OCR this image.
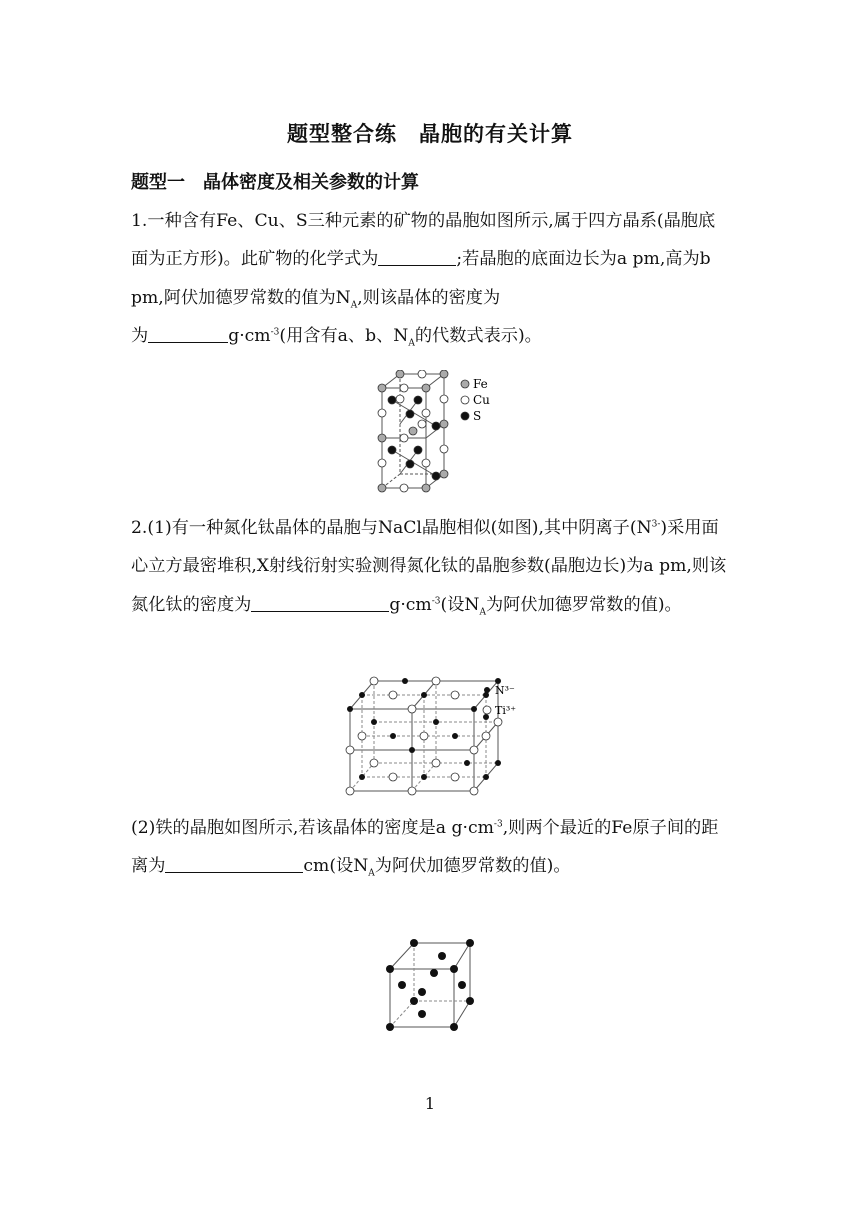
题型整合练　晶胞的有关计算
题型一　晶体密度及相关参数的计算

1.一种含有Fe、Cu、S三种元素的矿物的晶胞如图所示,属于四方晶系(晶胞底面为正方形)。此矿物的化学式为	;若晶胞的底面边长为a pm,高为b pm,阿伏加德罗常数的值为$N_A$,则该晶体的密度为
为	$g\cdot cm^{-3}$(用含有a、b、$N_A$的代数式表示)。

Fe
Cu
S

2.(1)有一种氮化钛晶体的晶胞与NaCl晶胞相似(如图),其中阴离子$(N^{3-})$采用面心立方最密堆积,X射线衍射实验测得氮化钛的晶胞参数(晶胞边长)为a pm,则该氮化钛的密度为	$g\cdot cm^{-3}$(设$N_A$为阿伏加德罗常数的值)。

N³⁻
Ti³⁺

(2)铁的晶胞如图所示,若该晶体的密度是a $g\cdot cm^{-3}$,则两个最近的Fe原子间的距离为	cm(设$N_A$为阿伏加德罗常数的值)。

1
